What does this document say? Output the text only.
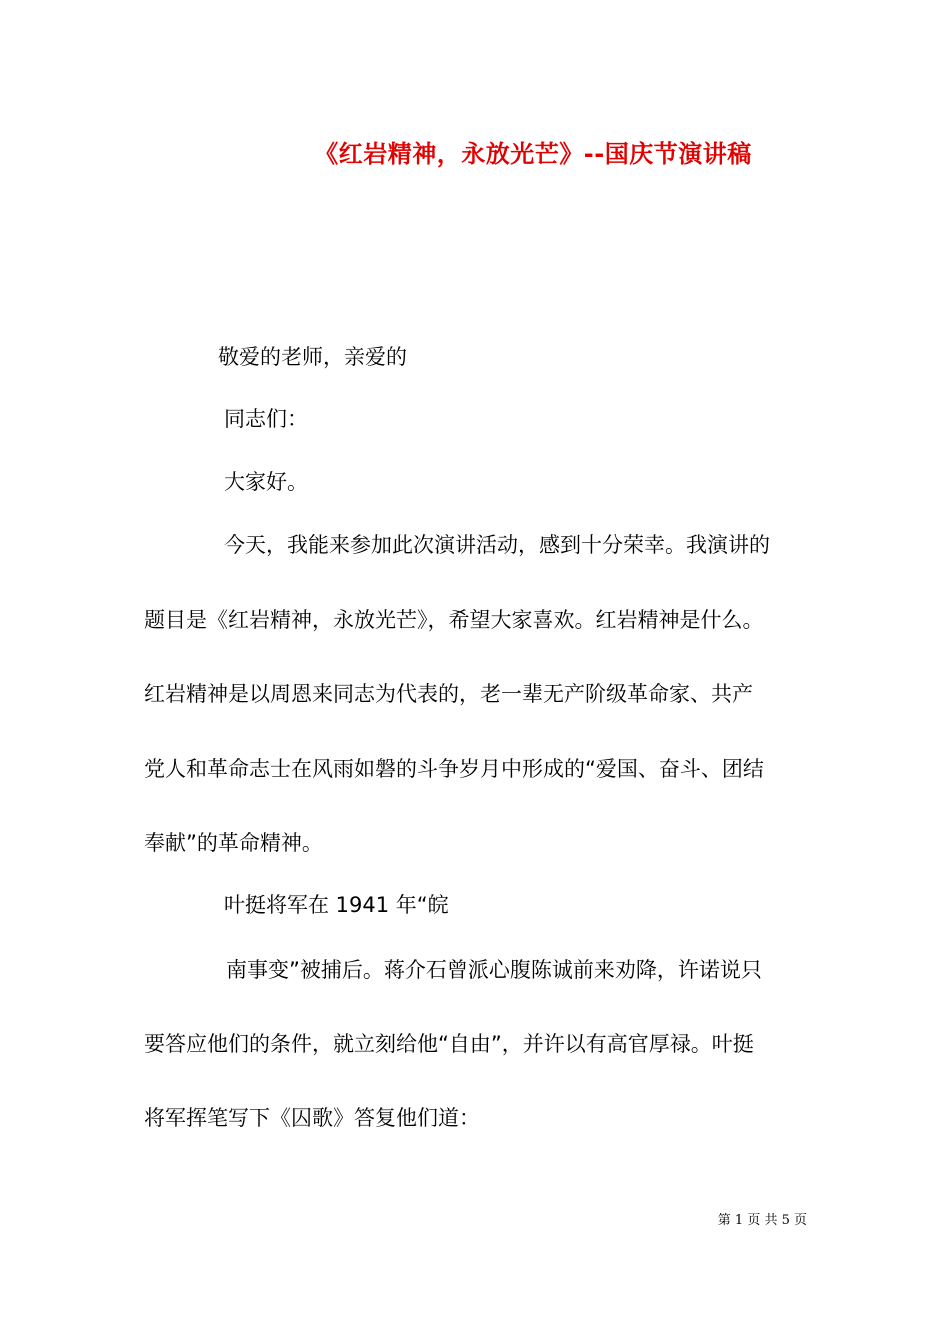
《红岩精神，永放光芒》--国庆节演讲稿
敬爱的老师，亲爱的
同志们：
大家好。
今天，我能来参加此次演讲活动，感到十分荣幸。我演讲的
题目是《红岩精神，永放光芒》，希望大家喜欢。红岩精神是什么。
红岩精神是以周恩来同志为代表的，老一辈无产阶级革命家、共产
党人和革命志士在风雨如磐的斗争岁月中形成的“爱国、奋斗、团结
奉献”的革命精神。
叶挺将军在 1941 年“皖
南事变”被捕后。蒋介石曾派心腹陈诚前来劝降，许诺说只
要答应他们的条件，就立刻给他“自由”，并许以有高官厚禄。叶挺
将军挥笔写下《囚歌》答复他们道：
第 1 页 共 5 页
